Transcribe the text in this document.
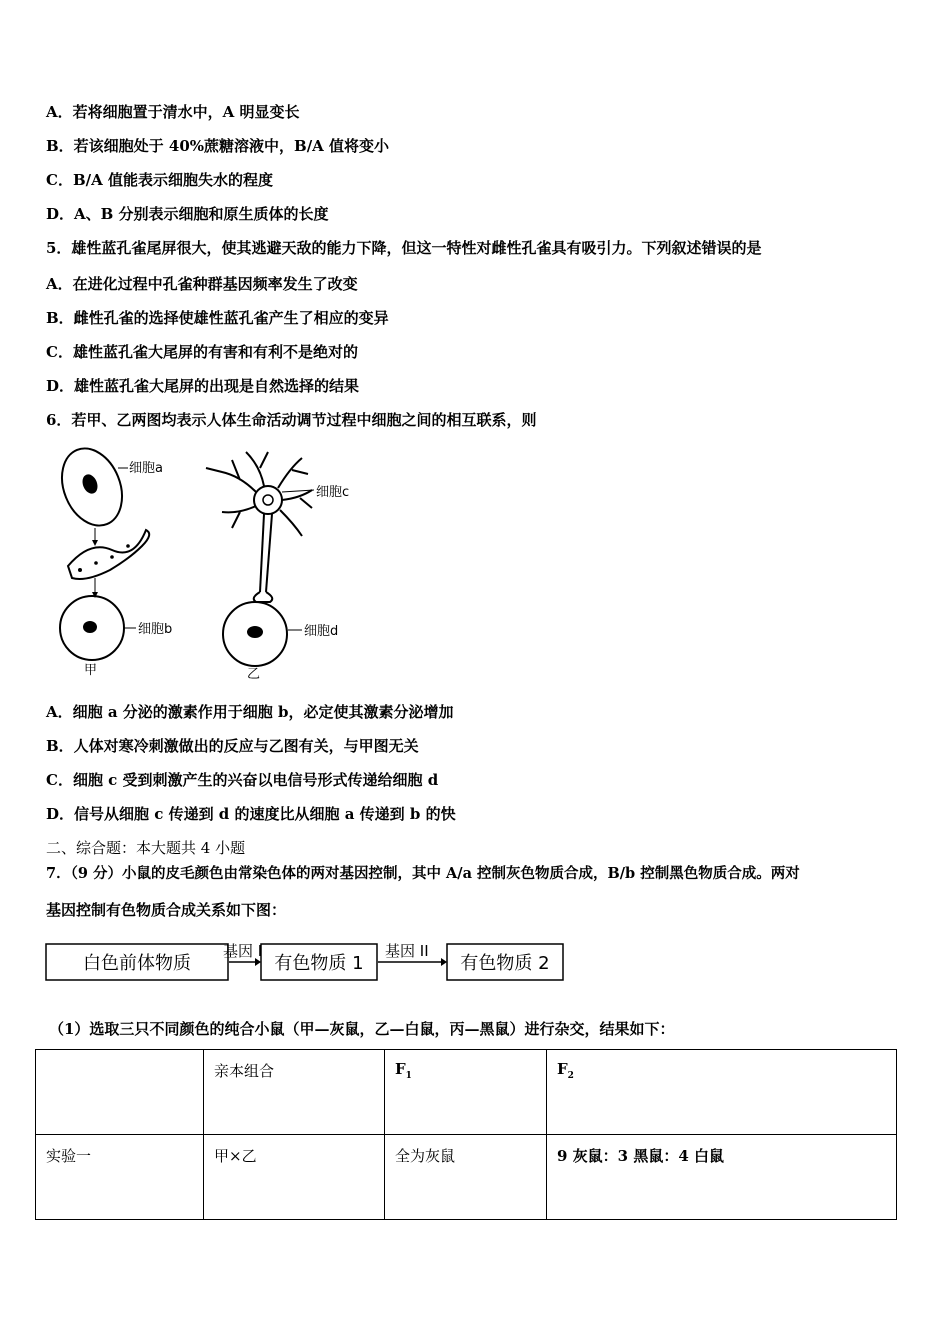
A．若将细胞置于清水中，A 明显变长
B．若该细胞处于 40%蔗糖溶液中，B/A 值将变小
C．B/A 值能表示细胞失水的程度
D．A、B 分别表示细胞和原生质体的长度
5．雄性蓝孔雀尾屏很大，使其逃避天敌的能力下降，但这一特性对雌性孔雀具有吸引力。下列叙述错误的是
A．在进化过程中孔雀种群基因频率发生了改变
B．雌性孔雀的选择使雄性蓝孔雀产生了相应的变异
C．雄性蓝孔雀大尾屏的有害和有利不是绝对的
D．雄性蓝孔雀大尾屏的出现是自然选择的结果
6．若甲、乙两图均表示人体生命活动调节过程中细胞之间的相互联系，则
细胞a
细胞b
甲
细胞c
细胞d
乙
A．细胞 a 分泌的激素作用于细胞 b，必定使其激素分泌增加
B．人体对寒冷刺激做出的反应与乙图有关，与甲图无关
C．细胞 c 受到刺激产生的兴奋以电信号形式传递给细胞 d
D．信号从细胞 c 传递到 d 的速度比从细胞 a 传递到 b 的快
二、综合题：本大题共 4 小题
7．（9 分）小鼠的皮毛颜色由常染色体的两对基因控制，其中 A/a 控制灰色物质合成，B/b 控制黑色物质合成。两对
基因控制有色物质合成关系如下图：
白色前体物质
基因 I
有色物质 1
基因 II
有色物质 2
（1）选取三只不同颜色的纯合小鼠（甲—灰鼠，乙—白鼠，丙—黑鼠）进行杂交，结果如下：
	亲本组合	$F_1$	$F_2$
实验一	甲×乙	全为灰鼠	9 灰鼠：3 黑鼠：4 白鼠
